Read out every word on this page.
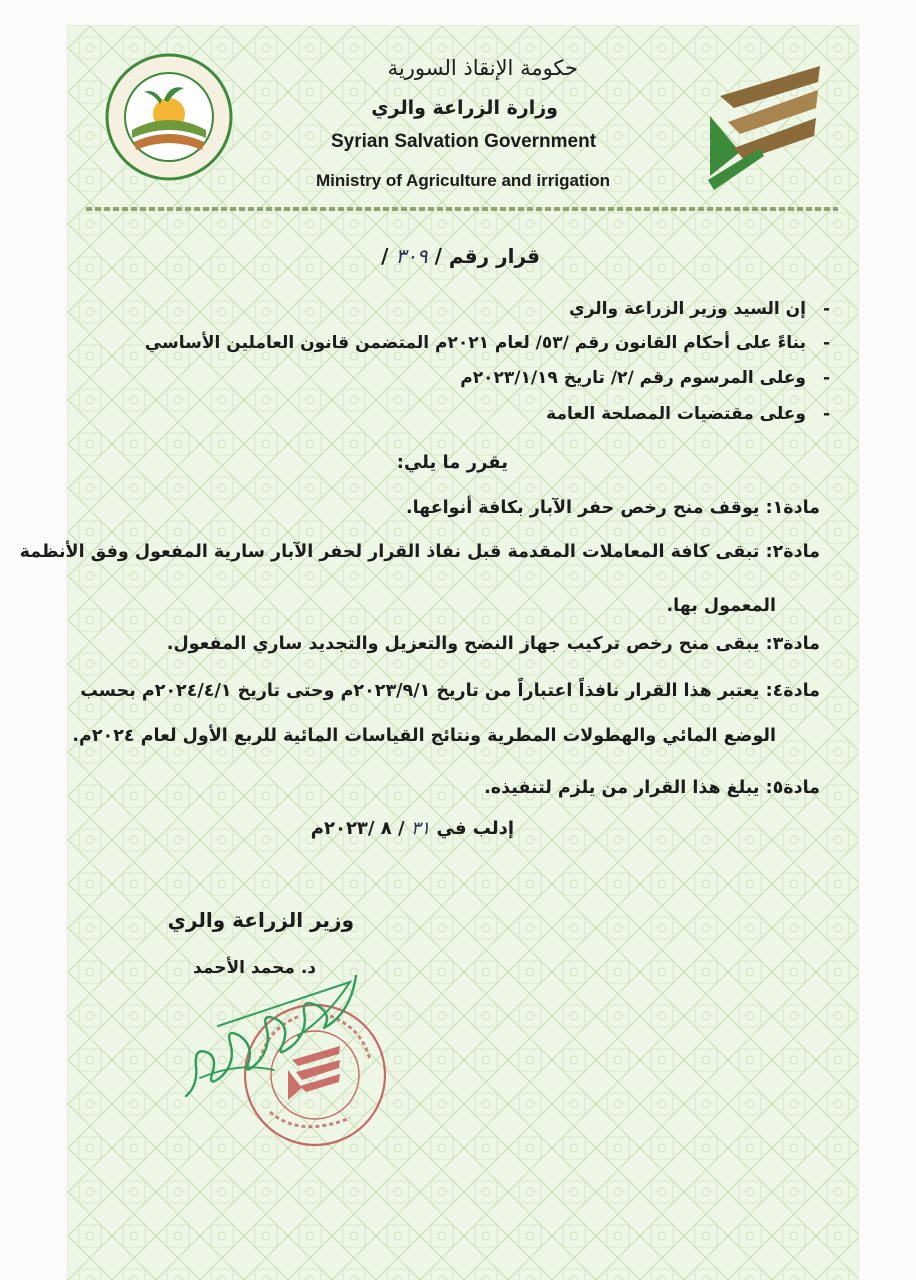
حكومة الإنقاذ السورية
وزارة الزراعة والري
Syrian Salvation Government
Ministry of Agriculture and irrigation
قرار رقم / ٣٠٩ /
- إن السيد وزير الزراعة والري
- بناءً على أحكام القانون رقم /٥٣/ لعام ٢٠٢١م المتضمن قانون العاملين الأساسي
- وعلى المرسوم رقم /٢/ تاريخ ٢٠٢٣/١/١٩م
- وعلى مقتضيات المصلحة العامة
يقرر ما يلي:
مادة١: يوقف منح رخص حفر الآبار بكافة أنواعها.
مادة٢: تبقى كافة المعاملات المقدمة قبل نفاذ القرار لحفر الآبار سارية المفعول وفق الأنظمة
المعمول بها.
مادة٣: يبقى منح رخص تركيب جهاز النضح والتعزيل والتجديد ساري المفعول.
مادة٤: يعتبر هذا القرار نافذاً اعتباراً من تاريخ ٢٠٢٣/٩/١م وحتى تاريخ ٢٠٢٤/٤/١م بحسب
الوضع المائي والهطولات المطرية ونتائج القياسات المائية للربع الأول لعام ٢٠٢٤م.
مادة٥: يبلغ هذا القرار من يلزم لتنفيذه.
إدلب في ٣١ / ٨ /٢٠٢٣م
وزير الزراعة والري
د. محمد الأحمد
